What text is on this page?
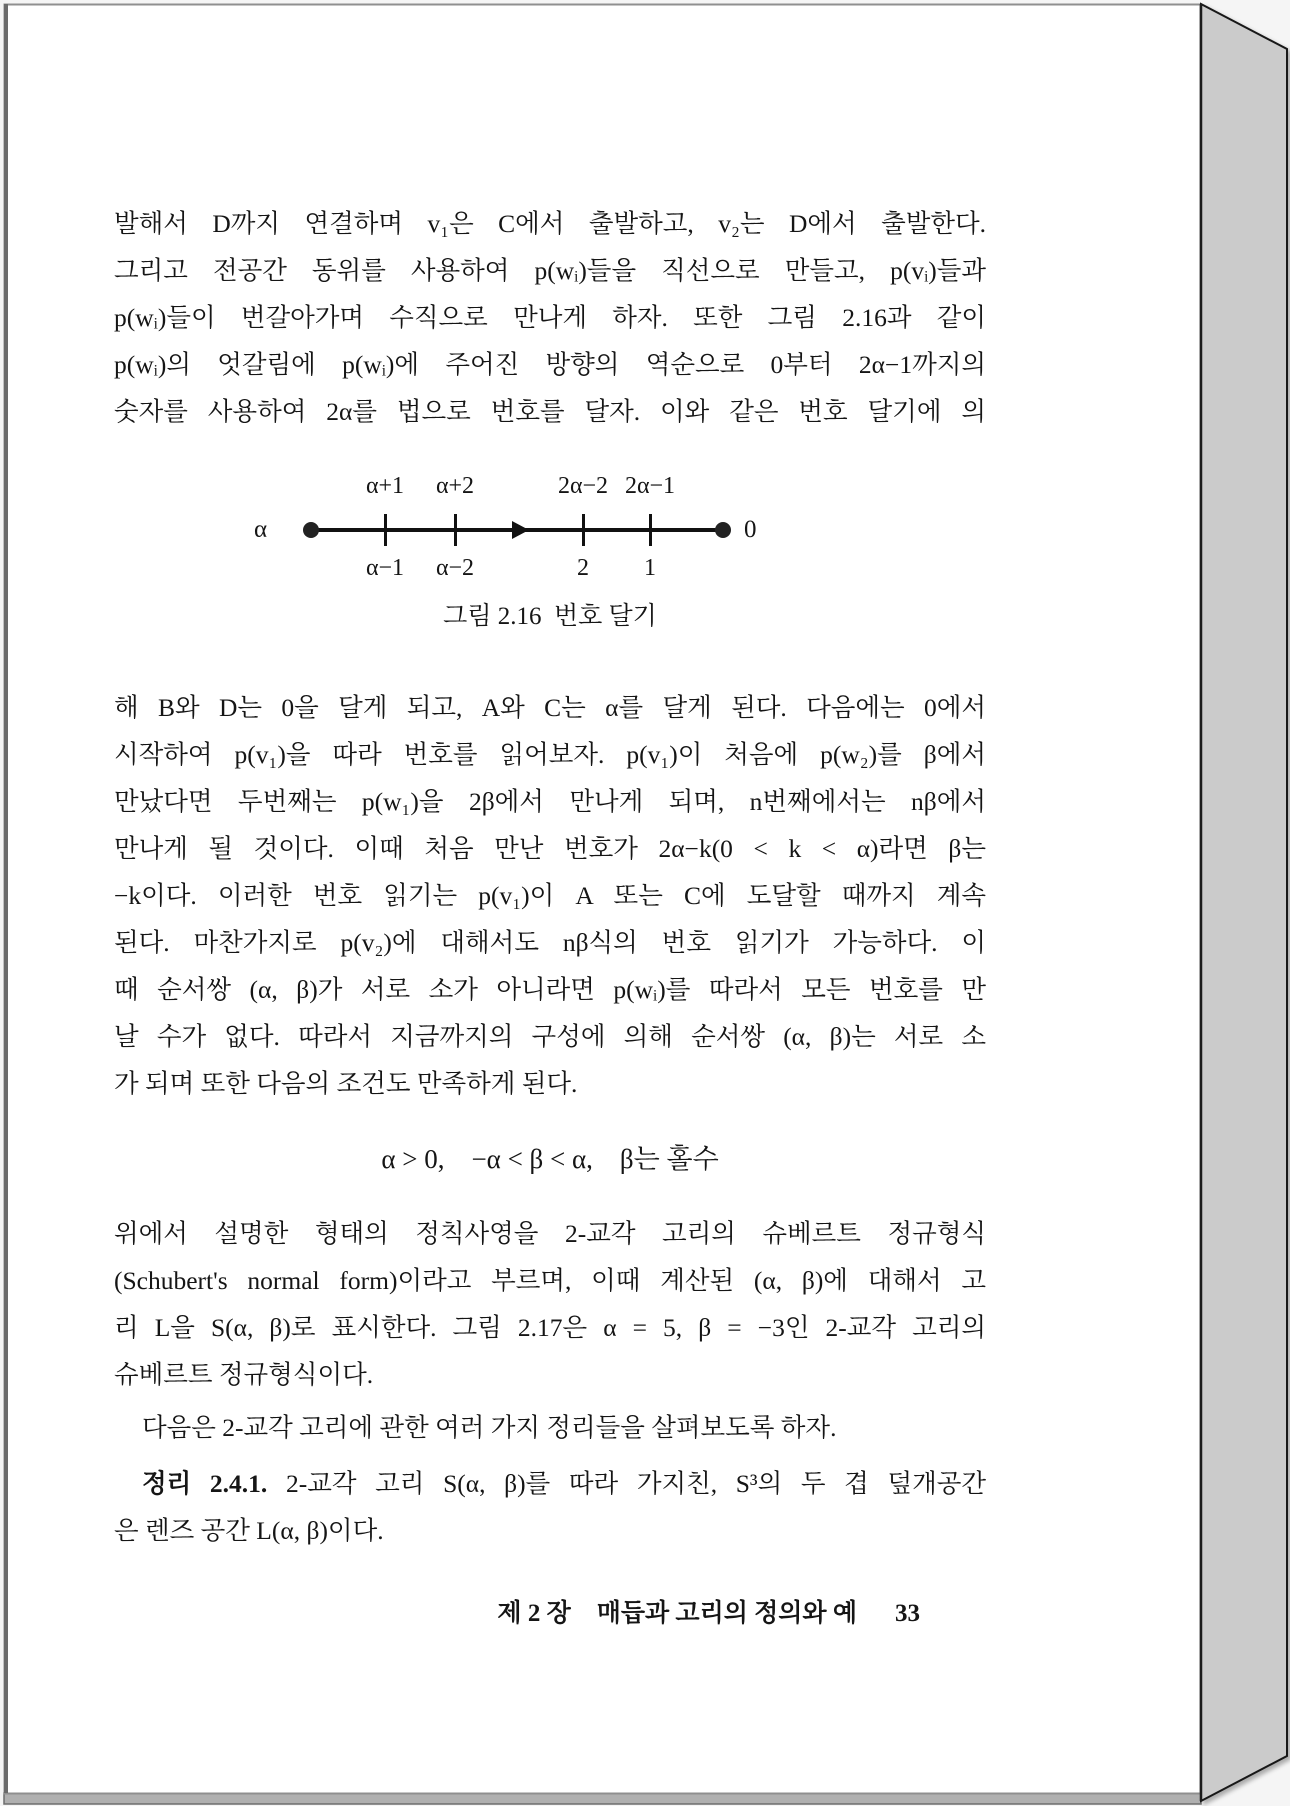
발해서 D까지 연결하며 v₁은 C에서 출발하고, v₂는 D에서 출발한다.
그리고 전공간 동위를 사용하여 p(wᵢ)들을 직선으로 만들고, p(vᵢ)들과
p(wᵢ)들이 번갈아가며 수직으로 만나게 하자. 또한 그림 2.16과 같이
p(wᵢ)의 엇갈림에 p(wᵢ)에 주어진 방향의 역순으로 0부터 2α−1까지의
숫자를 사용하여 2α를 법으로 번호를 달자. 이와 같은 번호 달기에 의
α+1	α+2	2α−2 2α−1
α	0
α−1	α−2	2	1
그림 2.16  번호 달기
해 B와 D는 0을 달게 되고, A와 C는 α를 달게 된다. 다음에는 0에서
시작하여 p(v₁)을 따라 번호를 읽어보자. p(v₁)이 처음에 p(w₂)를 β에서
만났다면 두번째는 p(w₁)을 2β에서 만나게 되며, n번째에서는 nβ에서
만나게 될 것이다. 이때 처음 만난 번호가 2α−k(0 < k < α)라면 β는
−k이다. 이러한 번호 읽기는 p(v₁)이 A 또는 C에 도달할 때까지 계속
된다. 마찬가지로 p(v₂)에 대해서도 nβ식의 번호 읽기가 가능하다. 이
때 순서쌍 (α, β)가 서로 소가 아니라면 p(wᵢ)를 따라서 모든 번호를 만
날 수가 없다. 따라서 지금까지의 구성에 의해 순서쌍 (α, β)는 서로 소
가 되며 또한 다음의 조건도 만족하게 된다.
α > 0,    −α < β < α,    β는 홀수
위에서 설명한 형태의 정칙사영을 2-교각 고리의 슈베르트 정규형식
(Schubert's normal form)이라고 부르며, 이때 계산된 (α, β)에 대해서 고
리 L을 S(α, β)로 표시한다. 그림 2.17은 α = 5, β = −3인 2-교각 고리의
슈베르트 정규형식이다.
다음은 2-교각 고리에 관한 여러 가지 정리들을 살펴보도록 하자.
정리 2.4.1. 2-교각 고리 S(α, β)를 따라 가지친, S³의 두 겹 덮개공간
은 렌즈 공간 L(α, β)이다.
제 2 장 매듭과 고리의 정의와 예 33
